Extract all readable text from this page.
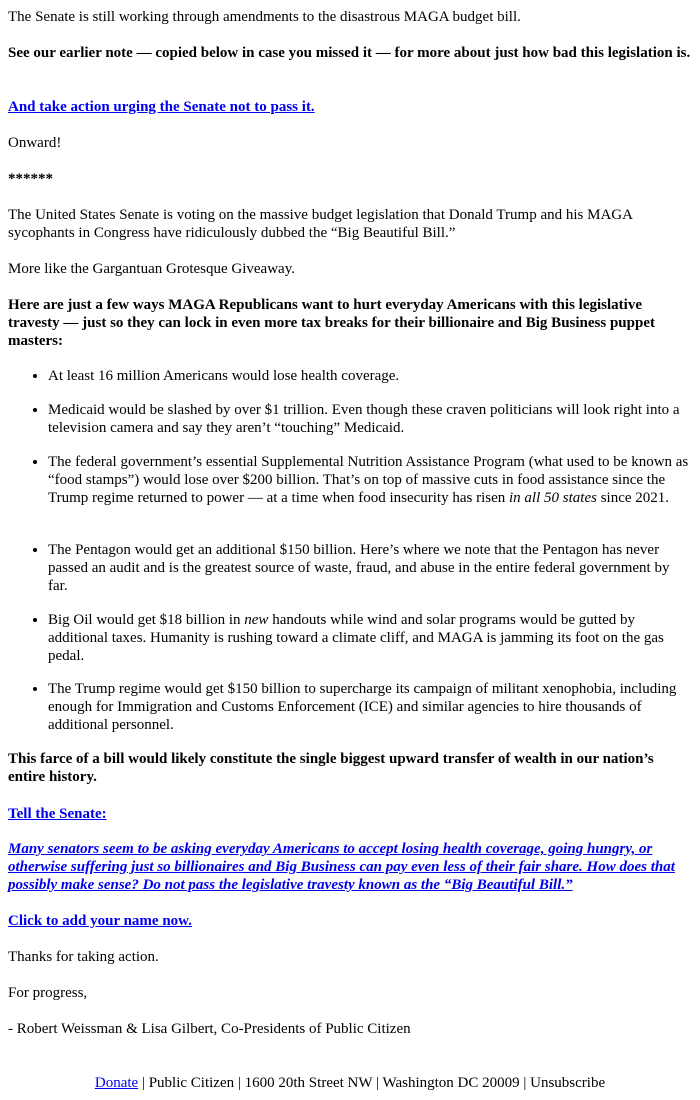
The Senate is still working through amendments to the disastrous MAGA budget bill.

See our earlier note — copied below in case you missed it — for more about just how bad this legislation is.

And take action urging the Senate not to pass it.

Onward!

******

The United States Senate is voting on the massive budget legislation that Donald Trump and his MAGA sycophants in Congress have ridiculously dubbed the “Big Beautiful Bill.”

More like the Gargantuan Grotesque Giveaway.

Here are just a few ways MAGA Republicans want to hurt everyday Americans with this legislative travesty — just so they can lock in even more tax breaks for their billionaire and Big Business puppet masters:

• At least 16 million Americans would lose health coverage.
• Medicaid would be slashed by over $1 trillion. Even though these craven politicians will look right into a television camera and say they aren’t “touching” Medicaid.
• The federal government’s essential Supplemental Nutrition Assistance Program (what used to be known as “food stamps”) would lose over $200 billion. That’s on top of massive cuts in food assistance since the Trump regime returned to power — at a time when food insecurity has risen in all 50 states since 2021.
• The Pentagon would get an additional $150 billion. Here’s where we note that the Pentagon has never passed an audit and is the greatest source of waste, fraud, and abuse in the entire federal government by far.
• Big Oil would get $18 billion in new handouts while wind and solar programs would be gutted by additional taxes. Humanity is rushing toward a climate cliff, and MAGA is jamming its foot on the gas pedal.
• The Trump regime would get $150 billion to supercharge its campaign of militant xenophobia, including enough for Immigration and Customs Enforcement (ICE) and similar agencies to hire thousands of additional personnel.

This farce of a bill would likely constitute the single biggest upward transfer of wealth in our nation’s entire history.

Tell the Senate:

Many senators seem to be asking everyday Americans to accept losing health coverage, going hungry, or otherwise suffering just so billionaires and Big Business can pay even less of their fair share. How does that possibly make sense? Do not pass the legislative travesty known as the “Big Beautiful Bill.”

Click to add your name now.

Thanks for taking action.

For progress,

- Robert Weissman & Lisa Gilbert, Co-Presidents of Public Citizen

Donate | Public Citizen | 1600 20th Street NW | Washington DC 20009 | Unsubscribe
